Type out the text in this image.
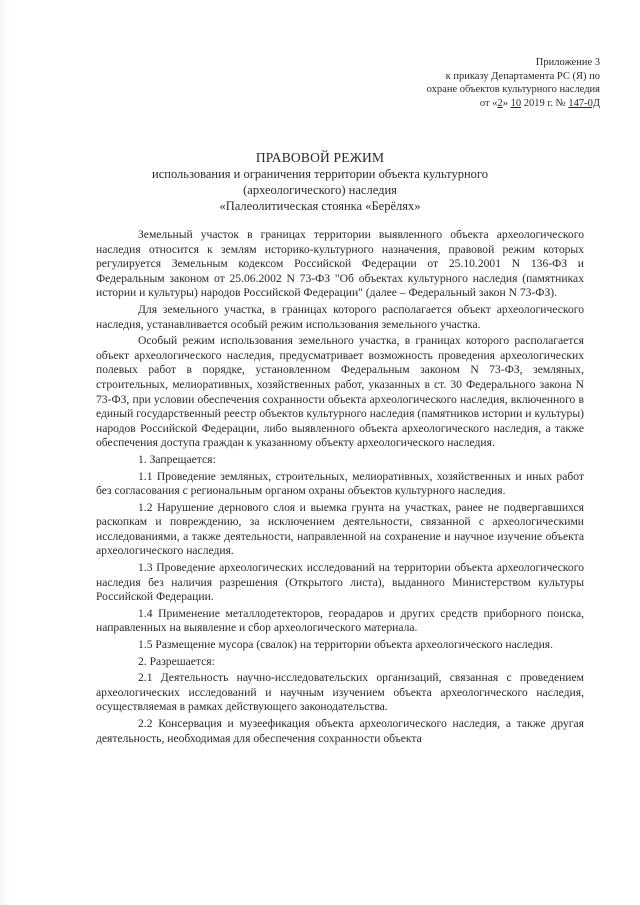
Приложение 3
к приказу Департамента РС (Я) по
охране объектов культурного наследия
от «2» 10 2019 г. № 147-0Д
ПРАВОВОЙ РЕЖИМ
использования и ограничения территории объекта культурного
(археологического) наследия
«Палеолитическая стоянка «Берёлях»

Земельный участок в границах территории выявленного объекта археологического наследия относится к землям историко-культурного назначения, правовой режим которых регулируется Земельным кодексом Российской Федерации от 25.10.2001 N 136-ФЗ и Федеральным законом от 25.06.2002 N 73-ФЗ "Об объектах культурного наследия (памятниках истории и культуры) народов Российской Федерации" (далее – Федеральный закон N 73-ФЗ).

Для земельного участка, в границах которого располагается объект археологического наследия, устанавливается особый режим использования земельного участка.

Особый режим использования земельного участка, в границах которого располагается объект археологического наследия, предусматривает возможность проведения археологических полевых работ в порядке, установленном Федеральным законом N 73-ФЗ, земляных, строительных, мелиоративных, хозяйственных работ, указанных в ст. 30 Федерального закона N 73-ФЗ, при условии обеспечения сохранности объекта археологического наследия, включенного в единый государственный реестр объектов культурного наследия (памятников истории и культуры) народов Российской Федерации, либо выявленного объекта археологического наследия, а также обеспечения доступа граждан к указанному объекту археологического наследия.

1. Запрещается:

1.1 Проведение земляных, строительных, мелиоративных, хозяйственных и иных работ без согласования с региональным органом охраны объектов культурного наследия.

1.2 Нарушение дернового слоя и выемка грунта на участках, ранее не подвергавшихся раскопкам и повреждению, за исключением деятельности, связанной с археологическими исследованиями, а также деятельности, направленной на сохранение и научное изучение объекта археологического наследия.

1.3 Проведение археологических исследований на территории объекта археологического наследия без наличия разрешения (Открытого листа), выданного Министерством культуры Российской Федерации.

1.4 Применение металлодетекторов, георадаров и других средств приборного поиска, направленных на выявление и сбор археологического материала.

1.5 Размещение мусора (свалок) на территории объекта археологического наследия.

2. Разрешается:

2.1 Деятельность научно-исследовательских организаций, связанная с проведением археологических исследований и научным изучением объекта археологического наследия, осуществляемая в рамках действующего законодательства.

2.2 Консервация и музеефикация объекта археологического наследия, а также другая деятельность, необходимая для обеспечения сохранности объекта
